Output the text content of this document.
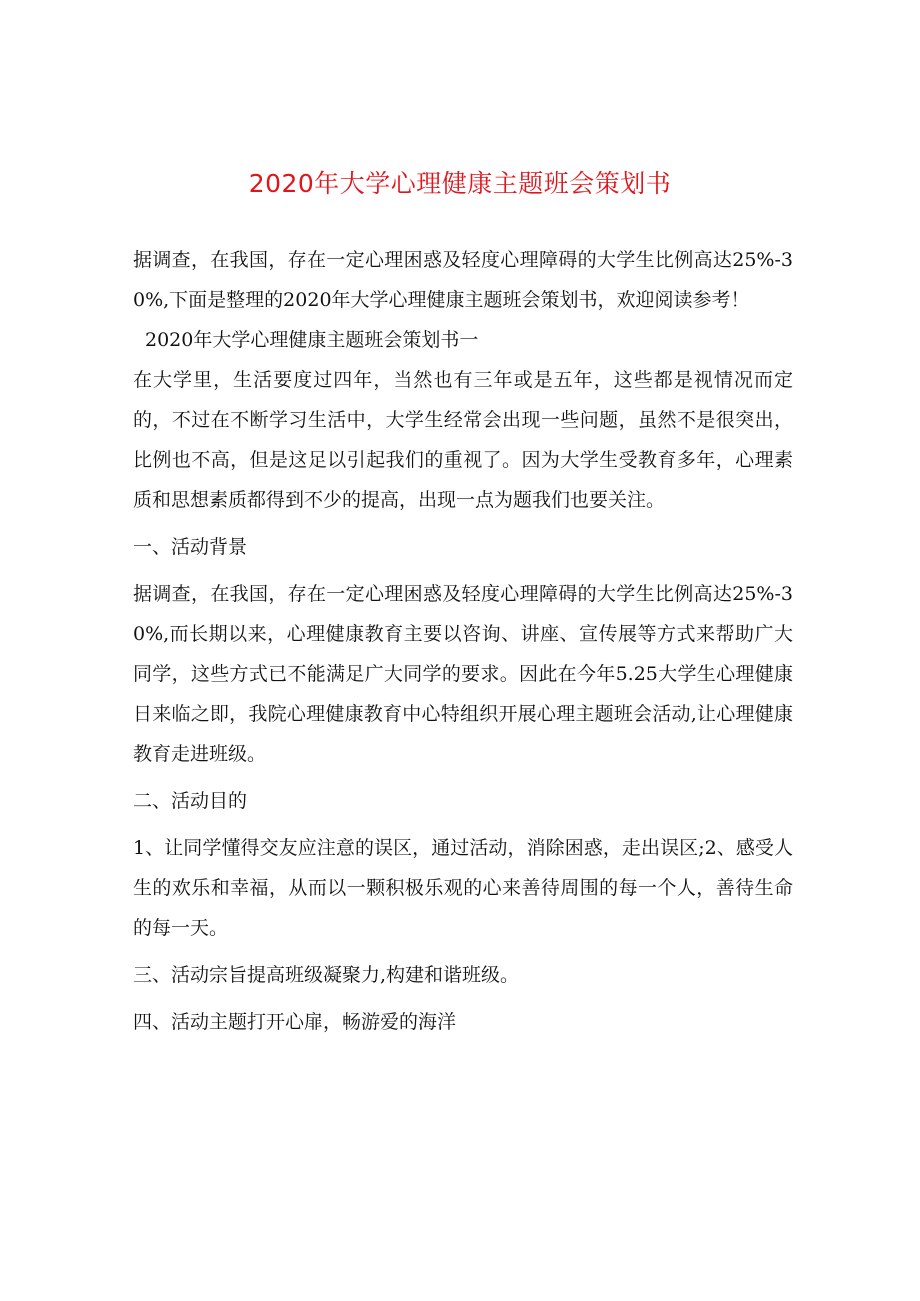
2020年大学心理健康主题班会策划书

据调查，在我国，存在一定心理困惑及轻度心理障碍的大学生比例高达25%-30%,下面是整理的2020年大学心理健康主题班会策划书，欢迎阅读参考！

2020年大学心理健康主题班会策划书一

在大学里，生活要度过四年，当然也有三年或是五年，这些都是视情况而定的，不过在不断学习生活中，大学生经常会出现一些问题，虽然不是很突出，比例也不高，但是这足以引起我们的重视了。因为大学生受教育多年，心理素质和思想素质都得到不少的提高，出现一点为题我们也要关注。

一、活动背景

据调查，在我国，存在一定心理困惑及轻度心理障碍的大学生比例高达25%-30%,而长期以来，心理健康教育主要以咨询、讲座、宣传展等方式来帮助广大同学，这些方式已不能满足广大同学的要求。因此在今年5.25大学生心理健康日来临之即，我院心理健康教育中心特组织开展心理主题班会活动,让心理健康教育走进班级。

二、活动目的

1、让同学懂得交友应注意的误区，通过活动，消除困惑，走出误区;2、感受人生的欢乐和幸福，从而以一颗积极乐观的心来善待周围的每一个人，善待生命的每一天。

三、活动宗旨提高班级凝聚力,构建和谐班级。

四、活动主题打开心扉，畅游爱的海洋
